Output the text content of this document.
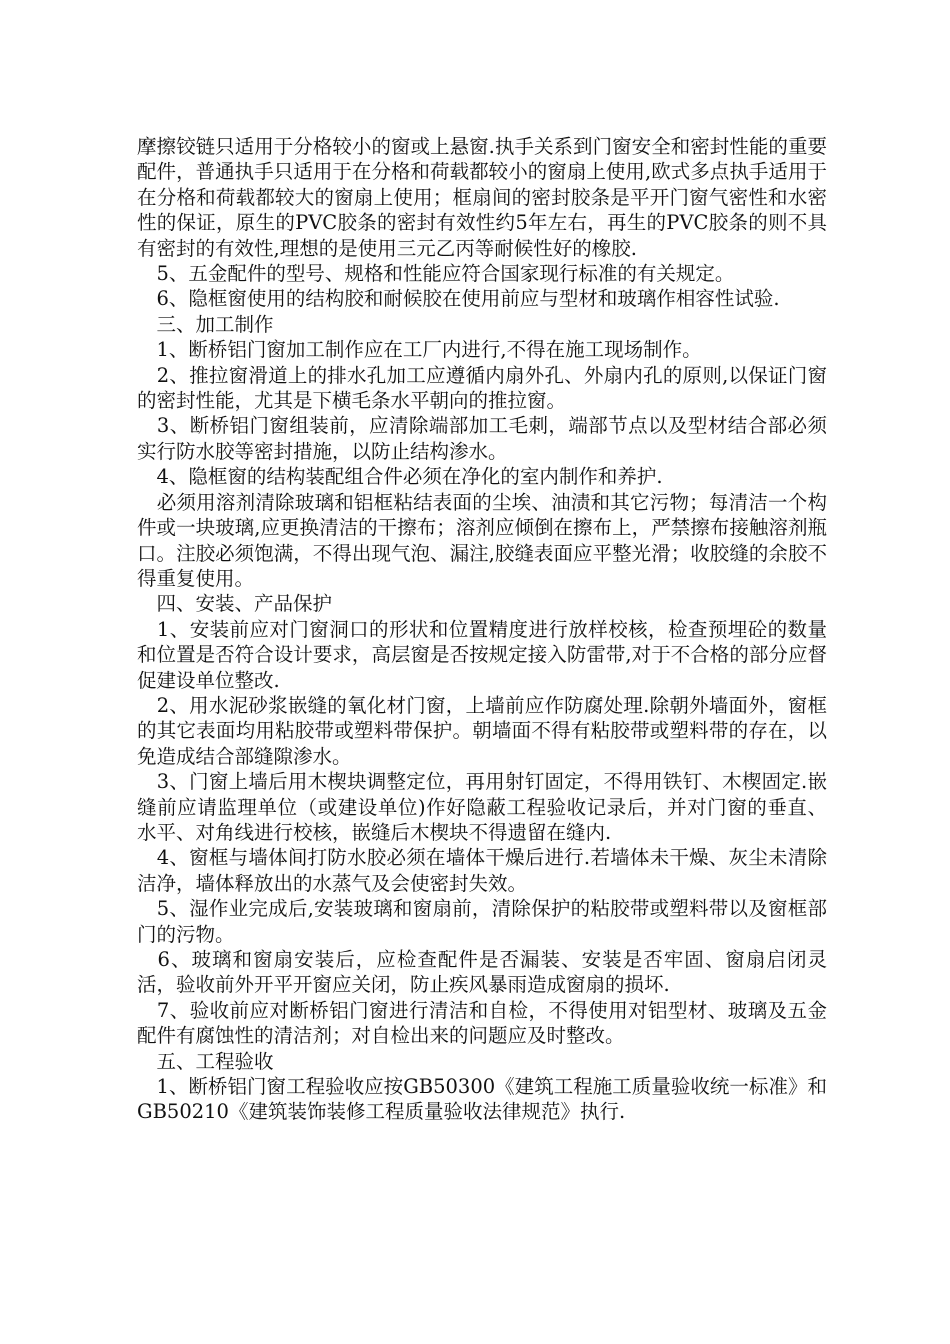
摩擦铰链只适用于分格较小的窗或上悬窗.执手关系到门窗安全和密封性能的重要配件，普通执手只适用于在分格和荷载都较小的窗扇上使用,欧式多点执手适用于在分格和荷载都较大的窗扇上使用；框扇间的密封胶条是平开门窗气密性和水密性的保证，原生的PVC胶条的密封有效性约5年左右，再生的PVC胶条的则不具有密封的有效性,理想的是使用三元乙丙等耐候性好的橡胶.

　5、五金配件的型号、规格和性能应符合国家现行标准的有关规定。

　6、隐框窗使用的结构胶和耐候胶在使用前应与型材和玻璃作相容性试验.

　三、加工制作

　1、断桥铝门窗加工制作应在工厂内进行,不得在施工现场制作。

　2、推拉窗滑道上的排水孔加工应遵循内扇外孔、外扇内孔的原则,以保证门窗的密封性能，尤其是下横毛条水平朝向的推拉窗。

　3、断桥铝门窗组装前，应清除端部加工毛刺，端部节点以及型材结合部必须实行防水胶等密封措施，以防止结构渗水。

　4、隐框窗的结构装配组合件必须在净化的室内制作和养护.

　必须用溶剂清除玻璃和铝框粘结表面的尘埃、油渍和其它污物；每清洁一个构件或一块玻璃,应更换清洁的干擦布；溶剂应倾倒在擦布上，严禁擦布接触溶剂瓶口。注胶必须饱满，不得出现气泡、漏注,胶缝表面应平整光滑；收胶缝的余胶不得重复使用。

　四、安装、产品保护

　1、安装前应对门窗洞口的形状和位置精度进行放样校核，检查预埋砼的数量和位置是否符合设计要求，高层窗是否按规定接入防雷带,对于不合格的部分应督促建设单位整改.

　2、用水泥砂浆嵌缝的氧化材门窗，上墙前应作防腐处理.除朝外墙面外，窗框的其它表面均用粘胶带或塑料带保护。朝墙面不得有粘胶带或塑料带的存在，以免造成结合部缝隙渗水。

　3、门窗上墙后用木楔块调整定位，再用射钉固定，不得用铁钉、木楔固定.嵌缝前应请监理单位（或建设单位)作好隐蔽工程验收记录后，并对门窗的垂直、水平、对角线进行校核，嵌缝后木楔块不得遗留在缝内.

　4、窗框与墙体间打防水胶必须在墙体干燥后进行.若墙体未干燥、灰尘未清除洁净，墙体释放出的水蒸气及会使密封失效。

　5、湿作业完成后,安装玻璃和窗扇前，清除保护的粘胶带或塑料带以及窗框部门的污物。

　6、玻璃和窗扇安装后，应检查配件是否漏装、安装是否牢固、窗扇启闭灵活，验收前外开平开窗应关闭，防止疾风暴雨造成窗扇的损坏.

　7、验收前应对断桥铝门窗进行清洁和自检，不得使用对铝型材、玻璃及五金配件有腐蚀性的清洁剂；对自检出来的问题应及时整改。

　五、工程验收

　1、断桥铝门窗工程验收应按GB50300《建筑工程施工质量验收统一标准》和GB50210《建筑装饰装修工程质量验收法律规范》执行.
